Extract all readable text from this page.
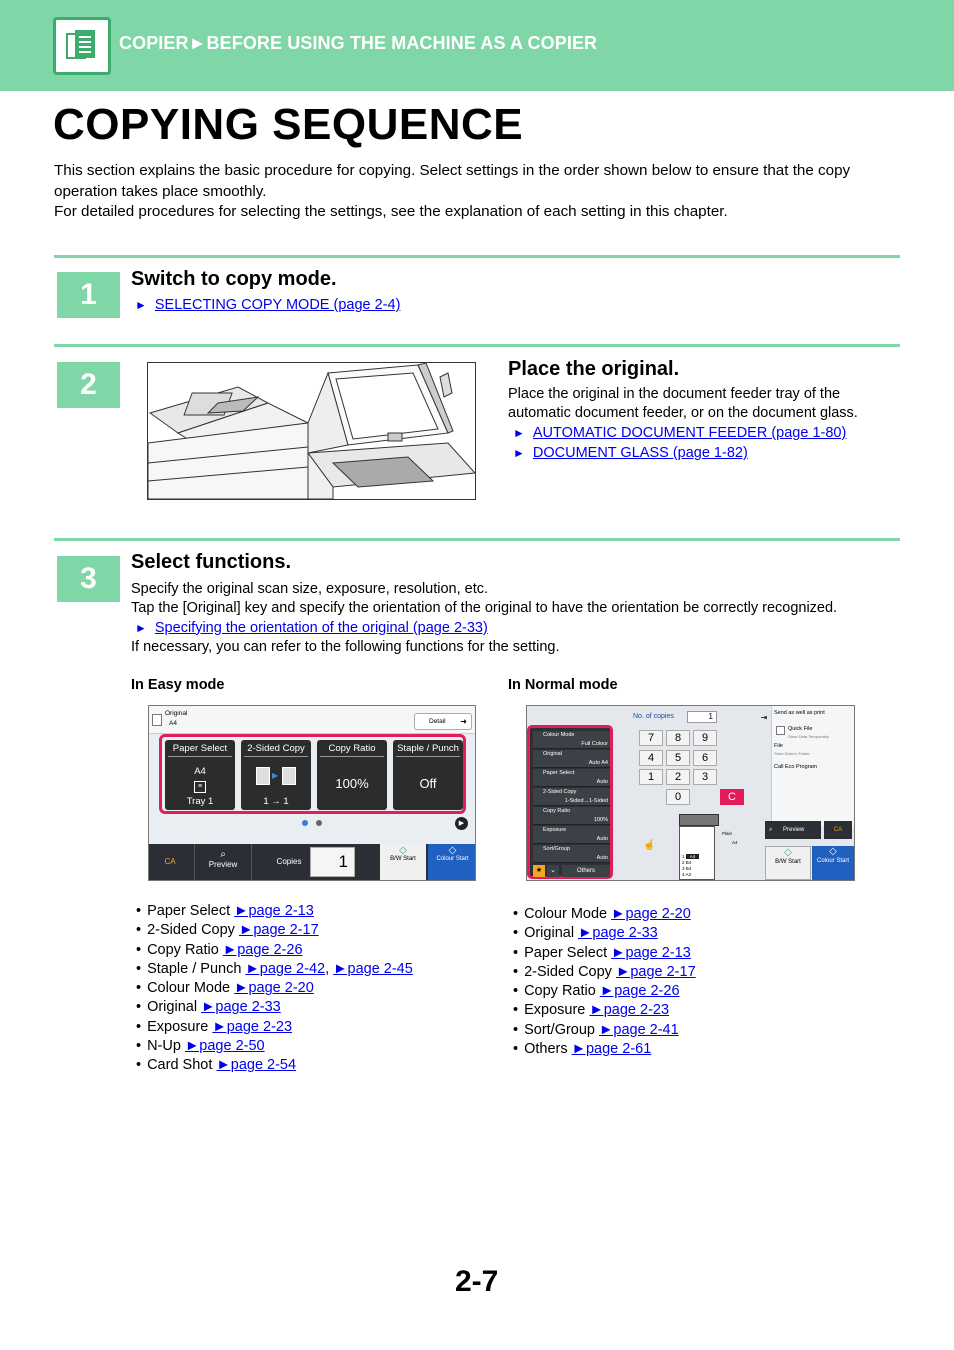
COPIER►BEFORE USING THE MACHINE AS A COPIER
COPYING SEQUENCE

This section explains the basic procedure for copying. Select settings in the order shown below to ensure that the copy operation takes place smoothly.

For detailed procedures for selecting the settings, see the explanation of each setting in this chapter.

1	Switch to copy mode.
► SELECTING COPY MODE (page 2-4)
2	Place the original.
Place the original in the document feeder tray of the automatic document feeder, or on the document glass.
► AUTOMATIC DOCUMENT FEEDER (page 1-80)
► DOCUMENT GLASS (page 1-82)
3	Select functions.
Specify the original scan size, exposure, resolution, etc.
Tap the [Original] key and specify the orientation of the original to have the orientation be correctly recognized.
► Specifying the orientation of the original (page 2-33)
If necessary, you can refer to the following functions for the setting.
In Easy mode	In Normal mode
Original
A4	Detail ➜
Paper Select
A4
≡
Tray 1
2-Sided Copy
▶
1 → 1
Copy Ratio
100%
Staple / Punch
Off
▶
CA
⌕
Preview	Copies	1
◇
B/W Start
◇
Colour Start
Colour Mode
Full Colour
Original
Auto A4
Paper Select
Auto
2-Sided Copy
1-Sided→1-Sided
Copy Ratio
100%
Exposure
Auto
Sort/Group
Auto
★	⌄	Others
No. of copies	1
7	8	9
4	5	6
1	2	3
0	C
⇥	Send as well as print
Quick File
Store Data Temporarily
File
Store Data in Folder
Call Eco Program
1 A4
2 B4
3 B4
4 A3
Plain
A4
☝
⌕ Preview	CA
◇
B/W Start
◇
Colour Start
• Paper Select ►page 2-13
• 2-Sided Copy ►page 2-17
• Copy Ratio ►page 2-26
• Staple / Punch ►page 2-42, ►page 2-45
• Colour Mode ►page 2-20
• Original ►page 2-33
• Exposure ►page 2-23
• N-Up ►page 2-50
• Card Shot ►page 2-54
• Colour Mode ►page 2-20
• Original ►page 2-33
• Paper Select ►page 2-13
• 2-Sided Copy ►page 2-17
• Copy Ratio ►page 2-26
• Exposure ►page 2-23
• Sort/Group ►page 2-41
• Others ►page 2-61
2-7
